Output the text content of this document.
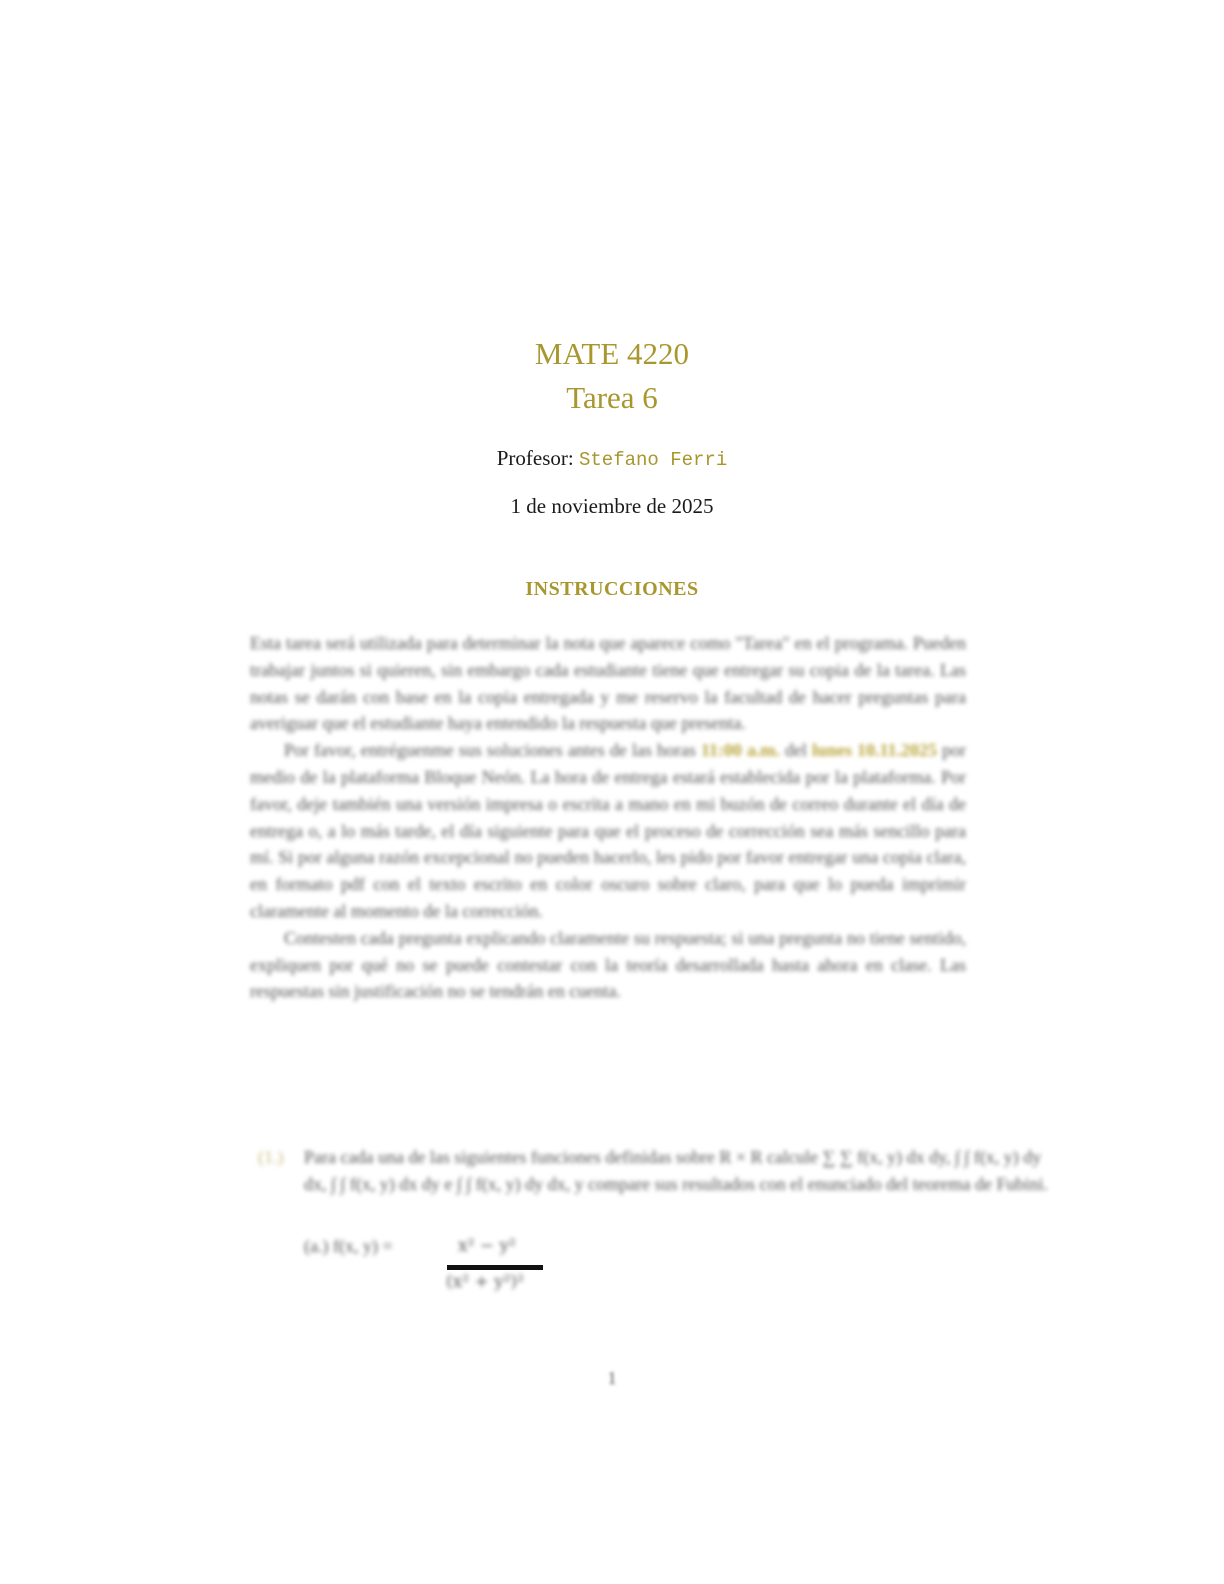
MATE 4220
Tarea 6
Profesor: Stefano Ferri
1 de noviembre de 2025
INSTRUCCIONES

Esta tarea será utilizada para determinar la nota que aparece como "Tarea" en el programa. Pueden trabajar juntos si quieren, sin embargo cada estudiante tiene que entregar su copia de la tarea. Las notas se darán con base en la copia entregada y me reservo la facultad de hacer preguntas para averiguar que el estudiante haya entendido la respuesta que presenta.

Por favor, entréguenme sus soluciones antes de las horas 11:00 a.m. del lunes 10.11.2025 por medio de la plataforma Bloque Neón. La hora de entrega estará establecida por la plataforma. Por favor, deje también una versión impresa o escrita a mano en mi buzón de correo durante el día de entrega o, a lo más tarde, el día siguiente para que el proceso de corrección sea más sencillo para mí. Si por alguna razón excepcional no pueden hacerlo, les pido por favor entregar una copia clara, en formato pdf con el texto escrito en color oscuro sobre claro, para que lo pueda imprimir claramente al momento de la corrección.

Contesten cada pregunta explicando claramente su respuesta; si una pregunta no tiene sentido, expliquen por qué no se puede contestar con la teoría desarrollada hasta ahora en clase. Las respuestas sin justificación no se tendrán en cuenta.

(1.) Para cada una de las siguientes funciones definidas sobre R × R calcule ∑ ∑ f(x, y) dx dy, ∫ ∫ f(x, y) dy dx, ∫ ∫ f(x, y) dx dy e ∫ ∫ f(x, y) dy dx, y compare sus resultados con el enunciado del teorema de Fubini.
(a.) f(x, y) =	x² − y²
(x² + y²)²
1
